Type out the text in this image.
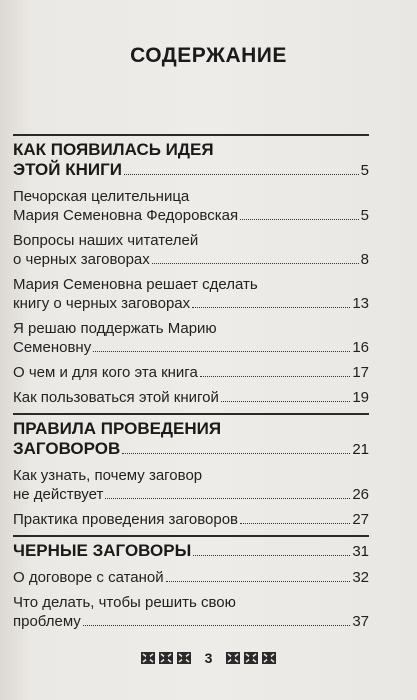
СОДЕРЖАНИЕ
КАК ПОЯВИЛАСЬ ИДЕЯ
ЭТОЙ КНИГИ	5
Печорская целительница
Мария Семеновна Федоровская	5
Вопросы наших читателей
о черных заговорах	8
Мария Семеновна решает сделать
книгу о черных заговорах	13
Я решаю поддержать Марию
Семеновну	16
О чем и для кого эта книга	17
Как пользоваться этой книгой	19
ПРАВИЛА ПРОВЕДЕНИЯ
ЗАГОВОРОВ	21
Как узнать, почему заговор
не действует	26
Практика проведения заговоров	27
ЧЕРНЫЕ ЗАГОВОРЫ	31
О договоре с сатаной	32
Что делать, чтобы решить свою
проблему	37
3
